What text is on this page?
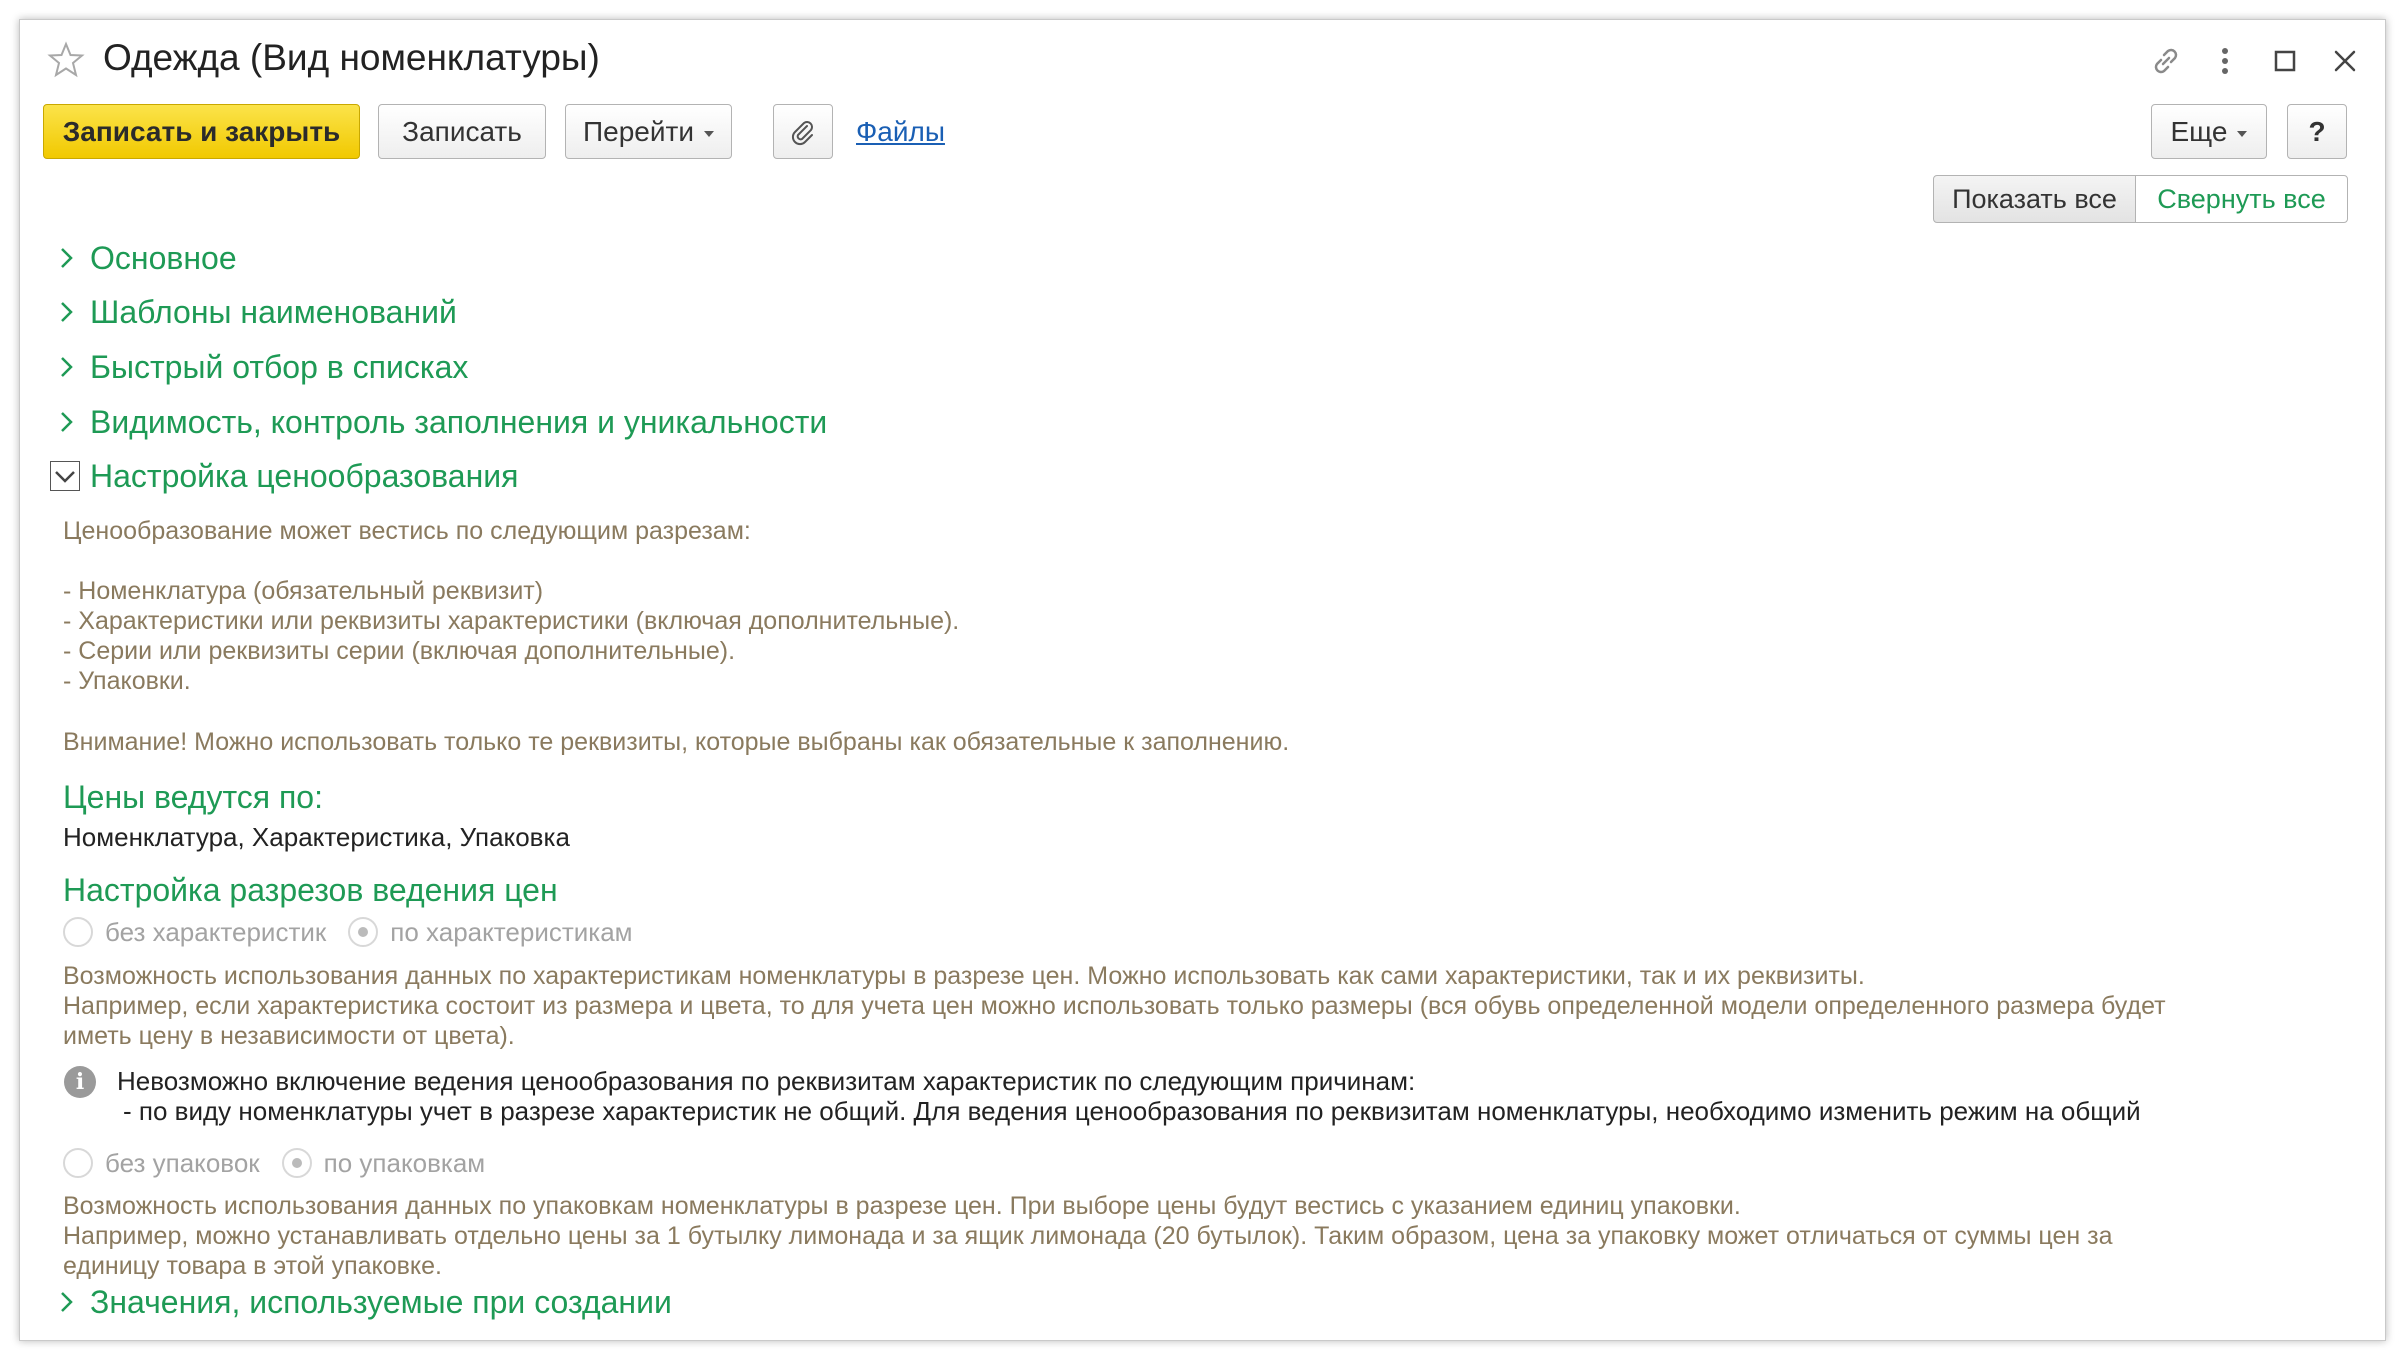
Одежда (Вид номенклатуры)
Записать и закрыть	Записать	Перейти	Файлы	Еще	?
Показать все	Свернуть все
Основное
Шаблоны наименований
Быстрый отбор в списках
Видимость, контроль заполнения и уникальности
Настройка ценообразования
Ценообразование может вестись по следующим разрезам:
- Номенклатура (обязательный реквизит)
- Характеристики или реквизиты характеристики (включая дополнительные).
- Серии или реквизиты серии (включая дополнительные).
- Упаковки.
Внимание! Можно использовать только те реквизиты, которые выбраны как обязательные к заполнению.
Цены ведутся по:
Номенклатура, Характеристика, Упаковка
Настройка разрезов ведения цен
без характеристик по характеристикам
Возможность использования данных по характеристикам номенклатуры в разрезе цен. Можно использовать как сами характеристики, так и их реквизиты.
Например, если характеристика состоит из размера и цвета, то для учета цен можно использовать только размеры (вся обувь определенной модели определенного размера будет
иметь цену в независимости от цвета).
i	Невозможно включение ведения ценообразования по реквизитам характеристик по следующим причинам:
- по виду номенклатуры учет в разрезе характеристик не общий. Для ведения ценообразования по реквизитам номенклатуры, необходимо изменить режим на общий
без упаковок по упаковкам
Возможность использования данных по упаковкам номенклатуры в разрезе цен. При выборе цены будут вестись с указанием единиц упаковки.
Например, можно устанавливать отдельно цены за 1 бутылку лимонада и за ящик лимонада (20 бутылок). Таким образом, цена за упаковку может отличаться от суммы цен за
единицу товара в этой упаковке.
Значения, используемые при создании
